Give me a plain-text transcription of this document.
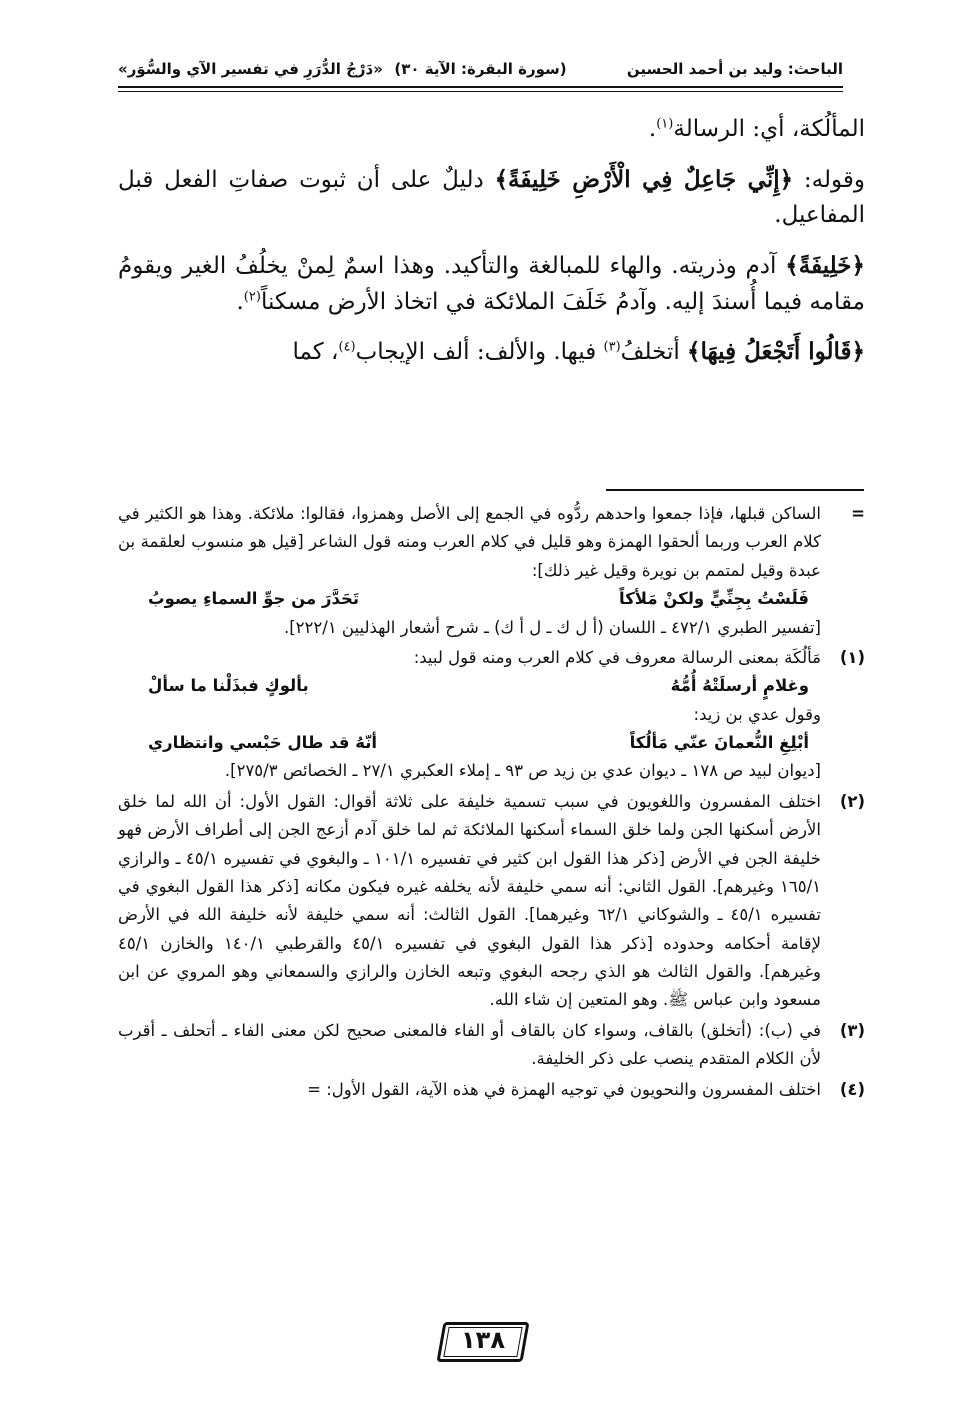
الباحث: وليد بن أحمد الحسين
(سورة البقرة: الآية ٣٠)
«دَرْجُ الدُّرَرِ في تفسير الآي والسُّوَر»

المألُكة، أي: الرسالة$^{(١)}$.

وقوله: ﴿إِنِّي جَاعِلٌ فِي الْأَرْضِ خَلِيفَةً﴾ دليلٌ على أن ثبوت صفاتِ الفعل قبل المفاعيل.

﴿خَلِيفَةً﴾ آدم وذريته. والهاء للمبالغة والتأكيد. وهذا اسمٌ لِمنْ يخلُفُ الغير ويقومُ مقامه فيما أُسندَ إليه. وآدمُ خَلَفَ الملائكة في اتخاذ الأرض مسكناً$^{(٢)}$.

﴿قَالُوا أَتَجْعَلُ فِيهَا﴾ أتخلفُ$^{(٣)}$ فيها. والألف: ألف الإيجاب$^{(٤)}$، كما

=
الساكن قبلها، فإذا جمعوا واحدهم ردُّوه في الجمع إلى الأصل وهمزوا، فقالوا: ملائكة. وهذا هو الكثير في كلام العرب وربما ألحقوا الهمزة وهو قليل في كلام العرب ومنه قول الشاعر [قيل هو منسوب لعلقمة بن عبدة وقيل لمتمم بن نويرة وقيل غير ذلك]:
فَلَسْتُ بِجِنِّيٍّ ولكنْ مَلأكاً
تَحَدَّرَ من جوِّ السماءِ يصوبُ
[تفسير الطبري ٤٧٢/١ ـ اللسان (أ ل ك ـ ل أ ك) ـ شرح أشعار الهذليين ٢٢٢/١].
(١)
مَألُكَة بمعنى الرسالة معروف في كلام العرب ومنه قول لبيد:
وغلامٍ أرسلَتْهُ أُمُّهُ
بألوكٍ فبذَلْنا ما سألْ
وقول عدي بن زيد:
أبْلِغِ النُّعمانَ عنّي مَألُكاً
أنّهُ قد طال حَبْسي وانتظاري
[ديوان لبيد ص ١٧٨ ـ ديوان عدي بن زيد ص ٩٣ ـ إملاء العكبري ٢٧/١ ـ الخصائص ٢٧٥/٣].
(٢)
اختلف المفسرون واللغويون في سبب تسمية خليفة على ثلاثة أقوال: القول الأول: أن الله لما خلق الأرض أسكنها الجن ولما خلق السماء أسكنها الملائكة ثم لما خلق آدم أزعج الجن إلى أطراف الأرض فهو خليفة الجن في الأرض [ذكر هذا القول ابن كثير في تفسيره ١٠١/١ ـ والبغوي في تفسيره ٤٥/١ ـ والرازي ١٦٥/١ وغيرهم]. القول الثاني: أنه سمي خليفة لأنه يخلفه غيره فيكون مكانه [ذكر هذا القول البغوي في تفسيره ٤٥/١ ـ والشوكاني ٦٢/١ وغيرهما]. القول الثالث: أنه سمي خليفة لأنه خليفة الله في الأرض لإقامة أحكامه وحدوده [ذكر هذا القول البغوي في تفسيره ٤٥/١ والقرطبي ١٤٠/١ والخازن ٤٥/١ وغيرهم]. والقول الثالث هو الذي رجحه البغوي وتبعه الخازن والرازي والسمعاني وهو المروي عن ابن مسعود وابن عباس ﷺ. وهو المتعين إن شاء الله.
(٣)
في (ب): (أتخلق) بالقاف، وسواء كان بالقاف أو الفاء فالمعنى صحيح لكن معنى الفاء ـ أتحلف ـ أقرب لأن الكلام المتقدم ينصب على ذكر الخليفة.
(٤)
اختلف المفسرون والنحويون في توجيه الهمزة في هذه الآية، القول الأول: =
١٣٨
